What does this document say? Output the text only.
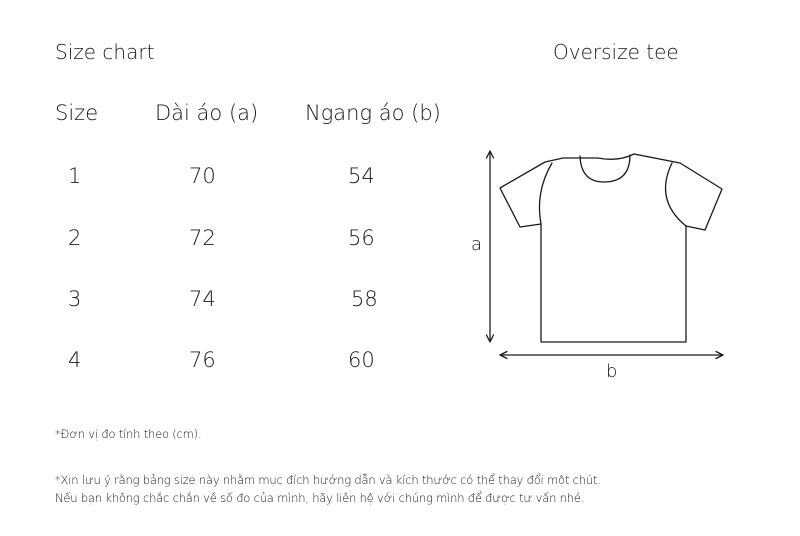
Size chart	Oversize tee
Size	Dài áo (a) Ngang áo (b)
1	70	54
2	72	56
3	74	58
4	76	60
a
b
*Đơn vị đo tính theo (cm).
*Xin lưu ý rằng bảng size này nhằm mục đích hướng dẫn và kích thước có thể thay đổi một chút.
Nếu bạn không chắc chắn về số đo của mình, hãy liên hệ với chúng mình để được tư vấn nhé.
